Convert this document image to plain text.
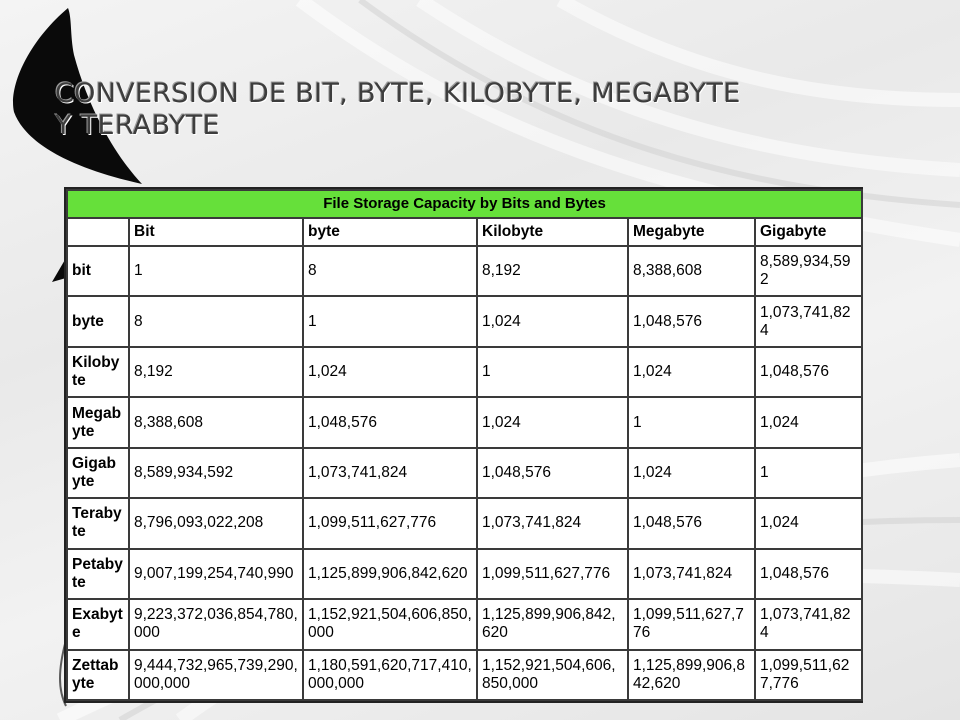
CONVERSION DE BIT, BYTE, KILOBYTE, MEGABYTE Y TERABYTE
File Storage Capacity by Bits and Bytes					
	Bit	byte	Kilobyte	Megabyte	Gigabyte
bit	1	8	8,192	8,388,608	8,589,934,592
byte	8	1	1,024	1,048,576	1,073,741,824
Kilobyte	8,192	1,024	1	1,024	1,048,576
Megabyte	8,388,608	1,048,576	1,024	1	1,024
Gigabyte	8,589,934,592	1,073,741,824	1,048,576	1,024	1
Terabyte	8,796,093,022,208	1,099,511,627,776	1,073,741,824	1,048,576	1,024
Petabyte	9,007,199,254,740,990	1,125,899,906,842,620	1,099,511,627,776	1,073,741,824	1,048,576
Exabyte	9,223,372,036,854,780,000	1,152,921,504,606,850,000	1,125,899,906,842,620	1,099,511,627,776	1,073,741,824
Zettabyte	9,444,732,965,739,290,000,000	1,180,591,620,717,410,000,000	1,152,921,504,606,850,000	1,125,899,906,842,620	1,099,511,627,776
